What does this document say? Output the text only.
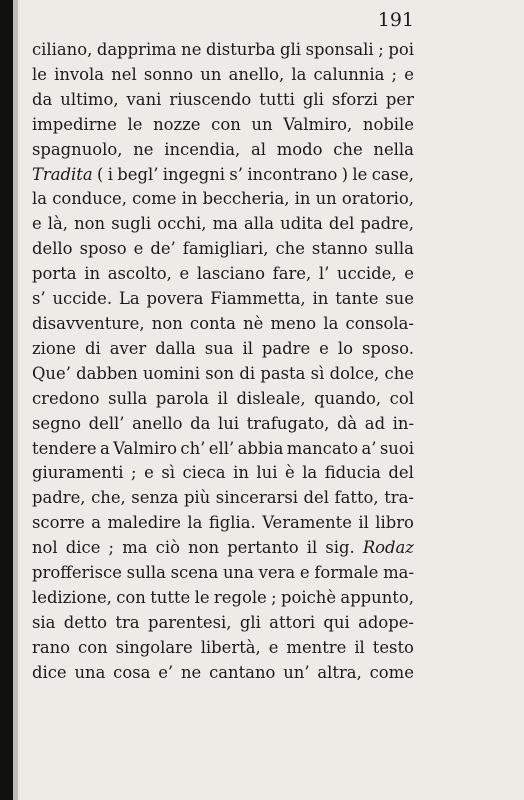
191
ciliano, dapprima ne disturba gli sponsali ; poi
le invola nel sonno un anello, la calunnia ; e
da ultimo, vani riuscendo tutti gli sforzi per
impedirne le nozze con un Valmiro, nobile
spagnuolo, ne incendia, al modo che nella
Tradita ( i begl’ ingegni s’ incontrano ) le case,
la conduce, come in beccheria, in un oratorio,
e là, non sugli occhi, ma alla udita del padre,
dello sposo e de’ famigliari, che stanno sulla
porta in ascolto, e lasciano fare, l’ uccide, e
s’ uccide. La povera Fiammetta, in tante sue
disavventure, non conta nè meno la consola-
zione di aver dalla sua il padre e lo sposo.
Que’ dabben uomini son di pasta sì dolce, che
credono sulla parola il disleale, quando, col
segno dell’ anello da lui trafugato, dà ad in-
tendere a Valmiro ch’ ell’ abbia mancato a’ suoi
giuramenti ; e sì cieca in lui è la fiducia del
padre, che, senza più sincerarsi del fatto, tra-
scorre a maledire la figlia. Veramente il libro
nol dice ; ma ciò non pertanto il sig. Rodaz
profferisce sulla scena una vera e formale ma-
ledizione, con tutte le regole ; poichè appunto,
sia detto tra parentesi, gli attori qui adope-
rano con singolare libertà, e mentre il testo
dice una cosa e’ ne cantano un’ altra, come
